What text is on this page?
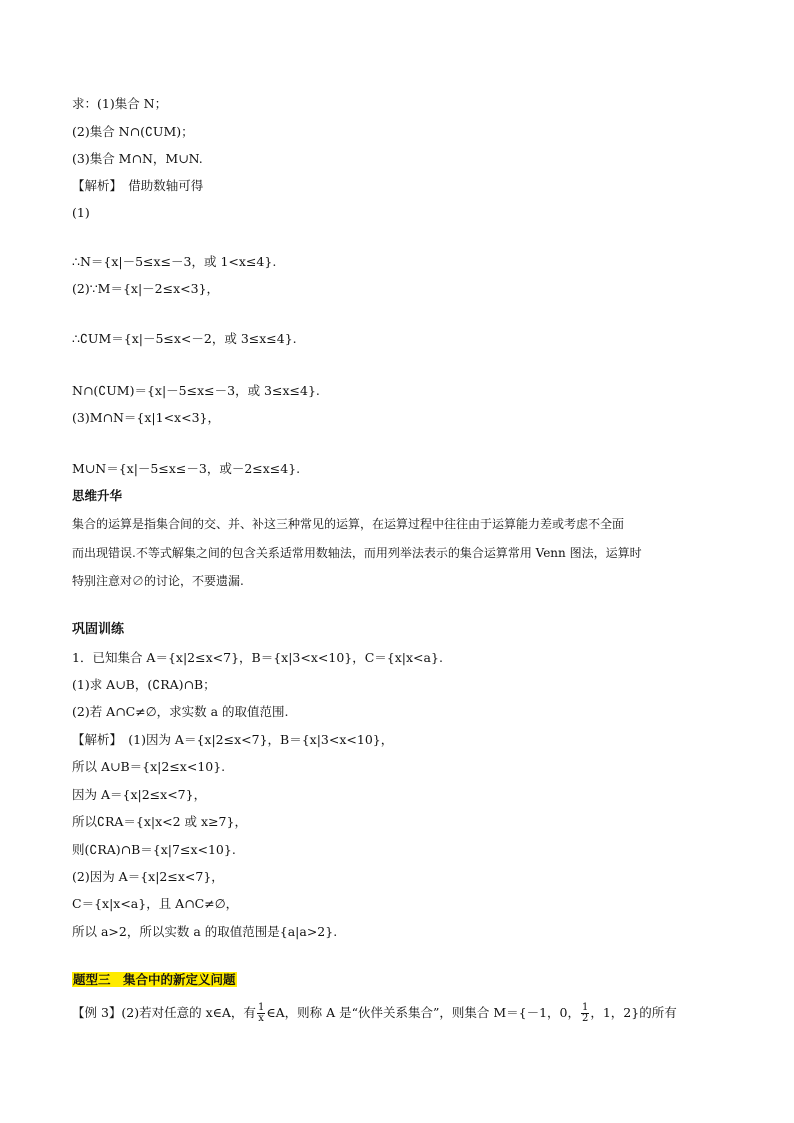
求：(1)集合 N；
(2)集合 N∩(∁UM)；
(3)集合 M∩N，M∪N.
【解析】　借助数轴可得
(1)
∴N＝{x|－5≤x≤－3，或 1<x≤4}.
(2)∵M＝{x|－2≤x<3}，
∴∁UM＝{x|－5≤x<－2，或 3≤x≤4}.
N∩(∁UM)＝{x|－5≤x≤－3，或 3≤x≤4}.
(3)M∩N＝{x|1<x<3}，
M∪N＝{x|－5≤x≤－3，或－2≤x≤4}.
思维升华
集合的运算是指集合间的交、并、补这三种常见的运算，在运算过程中往往由于运算能力差或考虑不全面
而出现错误.不等式解集之间的包含关系适常用数轴法，而用列举法表示的集合运算常用 Venn 图法，运算时
特别注意对∅的讨论，不要遗漏.
巩固训练
1．已知集合 A＝{x|2≤x<7}，B＝{x|3<x<10}，C＝{x|x<a}.
(1)求 A∪B，(∁RA)∩B；
(2)若 A∩C≠∅，求实数 a 的取值范围.
【解析】　(1)因为 A＝{x|2≤x<7}，B＝{x|3<x<10}，
所以 A∪B＝{x|2≤x<10}.
因为 A＝{x|2≤x<7}，
所以∁RA＝{x|x<2 或 x≥7}，
则(∁RA)∩B＝{x|7≤x<10}.
(2)因为 A＝{x|2≤x<7}，
C＝{x|x<a}，且 A∩C≠∅，
所以 a>2，所以实数 a 的取值范围是{a|a>2}.
题型三　集合中的新定义问题
【例 3】(2)若对任意的 x∈A，有 $\frac{1}{x}$ ∈A，则称 A 是“伙伴关系集合”，则集合 M＝{－1，0， $\frac{1}{2}$ ，1，2}的所有
